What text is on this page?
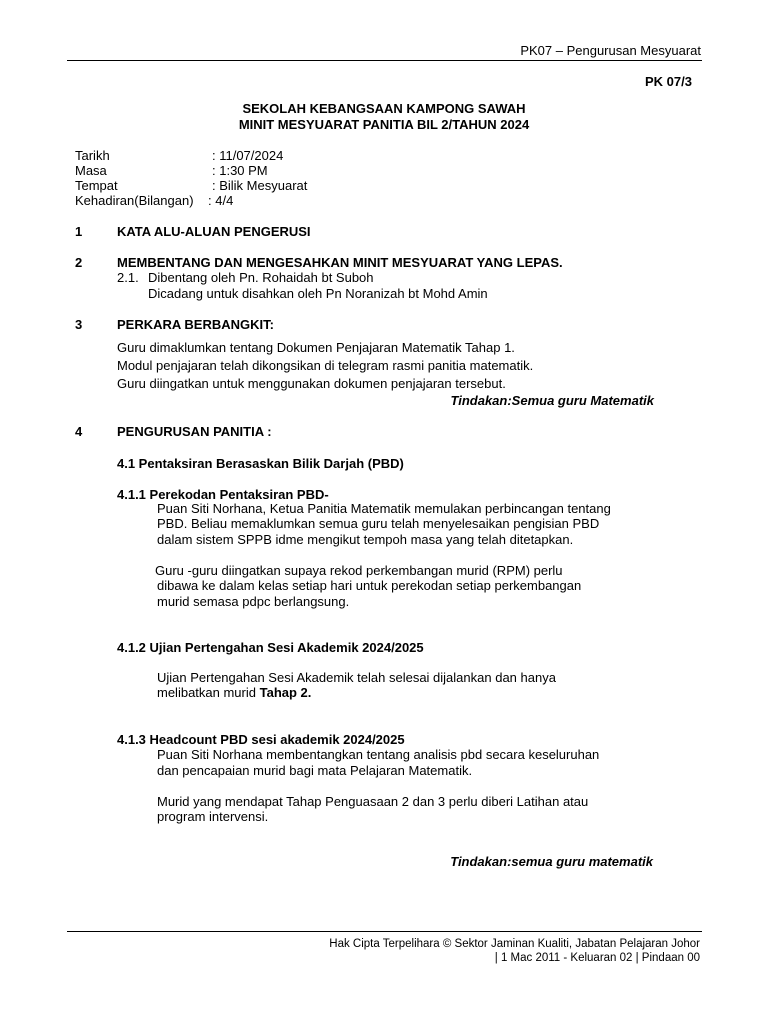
PK07 – Pengurusan Mesyuarat
PK 07/3
SEKOLAH KEBANGSAAN KAMPONG SAWAH
MINIT MESYUARAT PANITIA BIL 2/TAHUN 2024
Tarikh	: 11/07/2024
Masa	: 1:30 PM
Tempat	: Bilik Mesyuarat
Kehadiran(Bilangan) : 4/4
1	KATA ALU-ALUAN PENGERUSI
2	MEMBENTANG DAN MENGESAHKAN MINIT MESYUARAT YANG LEPAS.
2.1. Dibentang oleh Pn. Rohaidah bt Suboh
Dicadang untuk disahkan oleh Pn Noranizah bt Mohd Amin
3	PERKARA BERBANGKIT:
Guru dimaklumkan tentang Dokumen Penjajaran Matematik Tahap 1.
Modul penjajaran telah dikongsikan di telegram rasmi panitia matematik.
Guru diingatkan untuk menggunakan dokumen penjajaran tersebut.
Tindakan:Semua guru Matematik
4	PENGURUSAN PANITIA :
4.1 Pentaksiran Berasaskan Bilik Darjah (PBD)
4.1.1 Perekodan Pentaksiran PBD-
Puan Siti Norhana, Ketua Panitia Matematik memulakan perbincangan tentang
PBD. Beliau memaklumkan semua guru telah menyelesaikan pengisian PBD
dalam sistem SPPB idme mengikut tempoh masa yang telah ditetapkan.
Guru -guru diingatkan supaya rekod perkembangan murid (RPM) perlu
dibawa ke dalam kelas setiap hari untuk perekodan setiap perkembangan
murid semasa pdpc berlangsung.
4.1.2 Ujian Pertengahan Sesi Akademik 2024/2025
Ujian Pertengahan Sesi Akademik telah selesai dijalankan dan hanya
melibatkan murid Tahap 2.
4.1.3 Headcount PBD sesi akademik 2024/2025
Puan Siti Norhana membentangkan tentang analisis pbd secara keseluruhan
dan pencapaian murid bagi mata Pelajaran Matematik.
Murid yang mendapat Tahap Penguasaan 2 dan 3 perlu diberi Latihan atau
program intervensi.
Tindakan:semua guru matematik
Hak Cipta Terpelihara © Sektor Jaminan Kualiti, Jabatan Pelajaran Johor
| 1 Mac 2011 - Keluaran 02 | Pindaan 00
